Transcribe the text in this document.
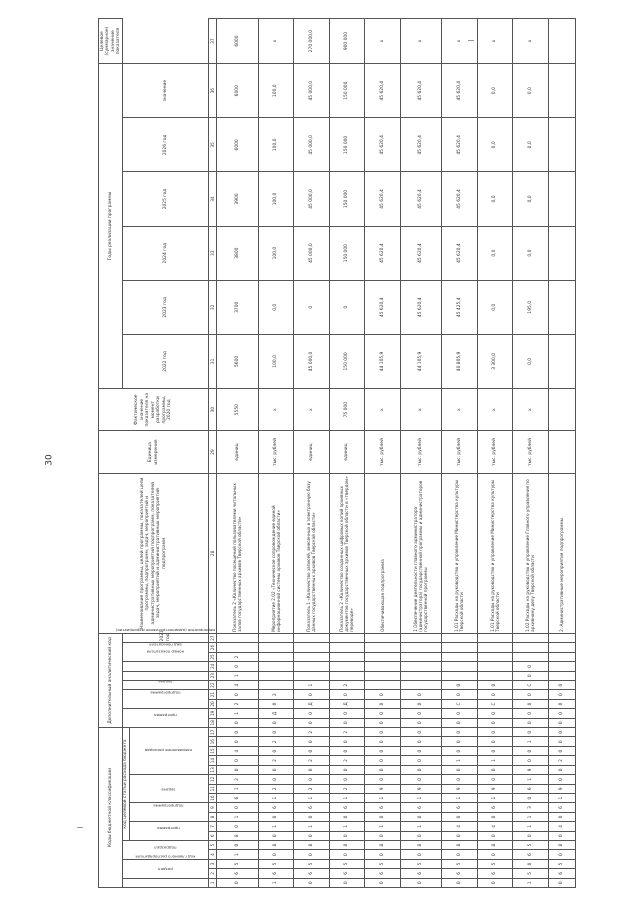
30
Коды бюджетной классификации																	Дополнительный аналитический код										Наименование программы, целей программы, показателей цели программы, подпрограмм, задач, мероприятий и административных мероприятий подпрограмм, показателей задач, мероприятий и административных мероприятий подпрограмм	Единица измерения	Фактическое значение показателя на момент разработки программы, 2020 год	Годы реализации программы						Целевое (суммарное) значение показателя
код главного распорядителя	раздел		подраздел		код целевой статьи расхода бюджета												программа		подпрограмма		задача	мероприятие (административное мероприятие)	номер показателя	вид показателя		2021 год				2022 год	2023 год	2024 год	2025 год	2026 год	значение	
					программа		подпрограмма		задача			направление расходов																								
1	2	3	4	5	6	7	8	9	10	11	12	13	14	15	16	17	18	19	20	21	22	23	24	25	26	27	28	29	30	31	32	33	34	35	36	37
0	6	5	1	0	8	0	1	0	6	1	2	0	0	4	0	0	0	1	2	0	4	1	0	2			Показатель 2 «Количество посещений пользователями читальных залов государственных архивов Тверской области»	единиц	5550	5600	3700	3800	3900	6000	6000	6000
1	6	5	0	8	0	1	0	6	1	2	0	0	2	0	2	0	0	Д	0	2							Мероприятие 2.02 «Техническое сопровождение единой информационной системы архивов Тверской области»	тыс. рублей	x	100,0	0,0	100,0	100,0	100,0	100,0	x
0	6	5	0	8	0	1	0	6	1	2	0	0	2	0	0	2	0	0	Д	0	1						Показатель 1 «Количество записей, внесенных в электронную базу данных государственных архивов Тверской области»	единиц	x	45 000,0	0	45 000,0	45 000,0	45 000,0	45 000,0	270 000,0
0	6	5	0	8	0	1	0	6	1	2	0	0	2	0	0	2	0	0	Д	0	2						Показатель 2 «Количество созданных цифровых копий архивных документов государственных архивов Тверской области в «твердом» переводе»	единиц	75 000	150 000	0	150 000	150 000	150 000	150 000	900 000
0	6	5	0	8	0	1	0	6	1	9	0	0	0	0	0	0	0	0	0	0							Обеспечивающая подпрограмма	тыс. рублей	x	44 105,9	45 620,4	45 620,4	45 620,4	45 620,4	45 620,4	x
0	6	5	0	8	0	1	0	6	1	9	0	0	0	0	0	0	0	0	0	0							1 Обеспечение деятельности главного администратора (администратора) государственной программы и администраторов государственной программы	тыс. рублей	x	44 105,9	45 620,4	45 620,4	45 620,4	45 620,4	45 620,4	x
0	6	5	0	8	0	4	0	6	1	9	0	0	1	0	0	0	0	0	С	0	0						1.01 Расходы на руководство и управление Министерства культуры Тверской области	тыс. рублей	x	40 805,9	45 425,4	45 620,4	45 620,4	45 620,4	45 620,4	x
0	6	5	0	8	0	4	0	6	1	9	0	0	1	0	0	0	0	0	С	0	0						1.01 Расходы на руководство и управление Министерства культуры Тверской области	тыс. рублей	x	3 300,0	0,0	0,0	0,0	0,0	0,0	x
1	5	0	6	5	0	1	1	3	0	6	1	9	0	0	1	0	0	0	0	0	С	0	0				1.02 Расходы на руководство и управление Главного управления по архивному делу Тверской области	тыс. рублей	x	0,0	195,0	0,0	0,0	0,0	0,0	x
0	6	5	0	8	0	4	0	6	1	9	0	0	2	0	0	0	0	0	0	0	0						2. Административные мероприятия подпрограммы									
